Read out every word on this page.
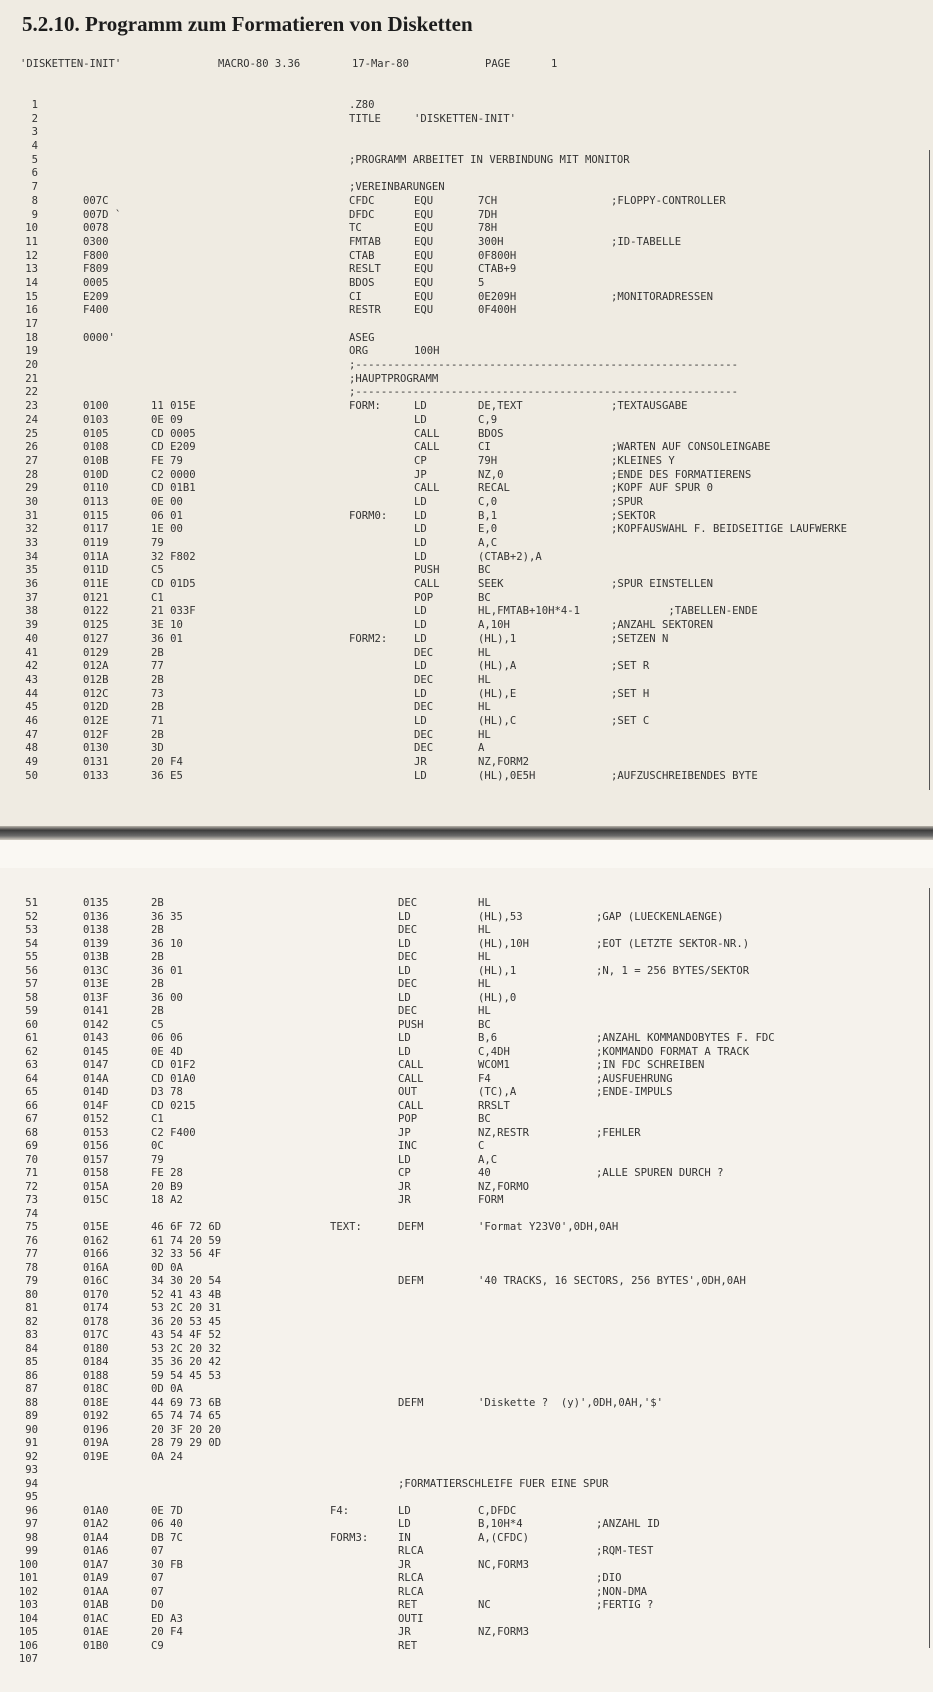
5.2.10. Programm zum Formatieren von Disketten
'DISKETTEN-INIT'	MACRO-80 3.36	17-Mar-80	PAGE	1
1	.Z80
2	TITLE	'DISKETTEN-INIT'
3
4
5	;PROGRAMM ARBEITET IN VERBINDUNG MIT MONITOR
6
7	;VEREINBARUNGEN
8	007C	CFDC	EQU	7CH	;FLOPPY-CONTROLLER
9	007D `	DFDC	EQU	7DH
10	0078	TC	EQU	78H
11	0300	FMTAB	EQU	300H	;ID-TABELLE
12	F800	CTAB	EQU	0F800H
13	F809	RESLT	EQU	CTAB+9
14	0005	BDOS	EQU	5
15	E209	CI	EQU	0E209H	;MONITORADRESSEN
16	F400	RESTR	EQU	0F400H
17
18	0000'	ASEG
19	ORG	100H
20	;------------------------------------------------------------
21	;HAUPTPROGRAMM
22	;------------------------------------------------------------
23	0100	11 015E	FORM:	LD	DE,TEXT	;TEXTAUSGABE
24	0103	0E 09	LD	C,9
25	0105	CD 0005	CALL	BDOS
26	0108	CD E209	CALL	CI	;WARTEN AUF CONSOLEINGABE
27	010B	FE 79	CP	79H	;KLEINES Y
28	010D	C2 0000	JP	NZ,0	;ENDE DES FORMATIERENS
29	0110	CD 01B1	CALL	RECAL	;KOPF AUF SPUR 0
30	0113	0E 00	LD	C,0	;SPUR
31	0115	06 01	FORM0:	LD	B,1	;SEKTOR
32	0117	1E 00	LD	E,0	;KOPFAUSWAHL F. BEIDSEITIGE LAUFWERKE
33	0119	79	LD	A,C
34	011A	32 F802	LD	(CTAB+2),A
35	011D	C5	PUSH	BC
36	011E	CD 01D5	CALL	SEEK	;SPUR EINSTELLEN
37	0121	C1	POP	BC
38	0122	21 033F	LD	HL,FMTAB+10H*4-1	;TABELLEN-ENDE
39	0125	3E 10	LD	A,10H	;ANZAHL SEKTOREN
40	0127	36 01	FORM2:	LD	(HL),1	;SETZEN N
41	0129	2B	DEC	HL
42	012A	77	LD	(HL),A	;SET R
43	012B	2B	DEC	HL
44	012C	73	LD	(HL),E	;SET H
45	012D	2B	DEC	HL
46	012E	71	LD	(HL),C	;SET C
47	012F	2B	DEC	HL
48	0130	3D	DEC	A
49	0131	20 F4	JR	NZ,FORM2
50	0133	36 E5	LD	(HL),0E5H	;AUFZUSCHREIBENDES BYTE
51	0135	2B	DEC	HL
52	0136	36 35	LD	(HL),53	;GAP (LUECKENLAENGE)
53	0138	2B	DEC	HL
54	0139	36 10	LD	(HL),10H	;EOT (LETZTE SEKTOR-NR.)
55	013B	2B	DEC	HL
56	013C	36 01	LD	(HL),1	;N, 1 = 256 BYTES/SEKTOR
57	013E	2B	DEC	HL
58	013F	36 00	LD	(HL),0
59	0141	2B	DEC	HL
60	0142	C5	PUSH	BC
61	0143	06 06	LD	B,6	;ANZAHL KOMMANDOBYTES F. FDC
62	0145	0E 4D	LD	C,4DH	;KOMMANDO FORMAT A TRACK
63	0147	CD 01F2	CALL	WCOM1	;IN FDC SCHREIBEN
64	014A	CD 01A0	CALL	F4	;AUSFUEHRUNG
65	014D	D3 78	OUT	(TC),A	;ENDE-IMPULS
66	014F	CD 0215	CALL	RRSLT
67	0152	C1	POP	BC
68	0153	C2 F400	JP	NZ,RESTR	;FEHLER
69	0156	0C	INC	C
70	0157	79	LD	A,C
71	0158	FE 28	CP	40	;ALLE SPUREN DURCH ?
72	015A	20 B9	JR	NZ,FORMO
73	015C	18 A2	JR	FORM
74
75	015E	46 6F 72 6D	TEXT:	DEFM	'Format Y23V0',0DH,0AH
76	0162	61 74 20 59
77	0166	32 33 56 4F
78	016A	0D 0A
79	016C	34 30 20 54	DEFM	'40 TRACKS, 16 SECTORS, 256 BYTES',0DH,0AH
80	0170	52 41 43 4B
81	0174	53 2C 20 31
82	0178	36 20 53 45
83	017C	43 54 4F 52
84	0180	53 2C 20 32
85	0184	35 36 20 42
86	0188	59 54 45 53
87	018C	0D 0A
88	018E	44 69 73 6B	DEFM	'Diskette ?  (y)',0DH,0AH,'$'
89	0192	65 74 74 65
90	0196	20 3F 20 20
91	019A	28 79 29 0D
92	019E	0A 24
93
94	;FORMATIERSCHLEIFE FUER EINE SPUR
95
96	01A0	0E 7D	F4:	LD	C,DFDC
97	01A2	06 40	LD	B,10H*4	;ANZAHL ID
98	01A4	DB 7C	FORM3:	IN	A,(CFDC)
99	01A6	07	RLCA	;RQM-TEST
100	01A7	30 FB	JR	NC,FORM3
101	01A9	07	RLCA	;DIO
102	01AA	07	RLCA	;NON-DMA
103	01AB	D0	RET	NC	;FERTIG ?
104	01AC	ED A3	OUTI
105	01AE	20 F4	JR	NZ,FORM3
106	01B0	C9	RET
107
